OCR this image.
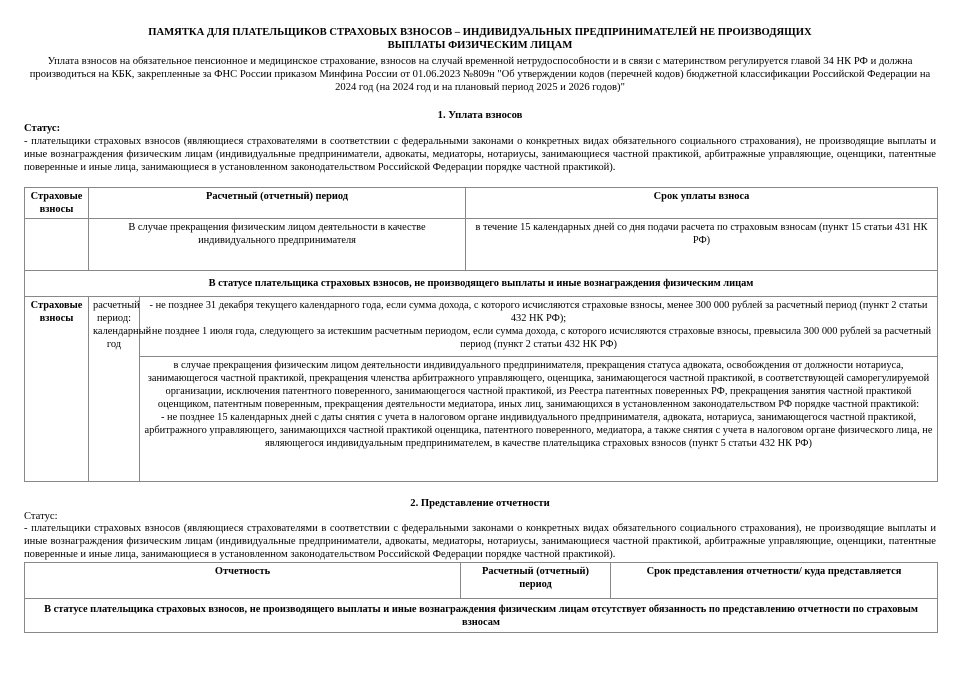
ПАМЯТКА ДЛЯ ПЛАТЕЛЬЩИКОВ СТРАХОВЫХ ВЗНОСОВ – ИНДИВИДУАЛЬНЫХ ПРЕДПРИНИМАТЕЛЕЙ НЕ ПРОИЗВОДЯЩИХ
ВЫПЛАТЫ ФИЗИЧЕСКИМ ЛИЦАМ
Уплата взносов на обязательное пенсионное и медицинское страхование, взносов на случай временной нетрудоспособности и в связи с материнством регулируется главой 34 НК РФ и должна производиться на КБК, закрепленные за ФНС России приказом Минфина России от 01.06.2023 №809н "Об утверждении кодов (перечней кодов) бюджетной классификации Российской Федерации на 2024 год (на 2024 год и на плановый период 2025 и 2026 годов)"
1. Уплата взносов
Статус:
- плательщики страховых взносов (являющиеся страхователями в соответствии с федеральными законами о конкретных видах обязательного социального страхования), не производящие выплаты и иные вознаграждения физическим лицам (индивидуальные предприниматели, адвокаты, медиаторы, нотариусы, занимающиеся частной практикой, арбитражные управляющие, оценщики, патентные поверенные и иные лица, занимающиеся в установленном законодательством Российской Федерации порядке частной практикой).
Страховые взносы	Расчетный (отчетный) период		Срок уплаты взноса
	В случае прекращения физическим лицом деятельности в качестве индивидуального предпринимателя		в течение 15 календарных дней со дня подачи расчета по страховым взносам (пункт 15 статьи 431 НК РФ)
В статусе плательщика страховых взносов, не производящего выплаты и иные вознаграждения физическим лицам			
Страховые взносы	расчетный период: календарный год	- не позднее 31 декабря текущего календарного года, если сумма дохода, с которого исчисляются страховые взносы, менее 300 000 рублей за расчетный период (пункт 2 статьи 432 НК РФ);
- не позднее 1 июля года, следующего за истекшим расчетным периодом, если сумма дохода, с которого исчисляются страховые взносы, превысила 300 000 рублей за расчетный период (пункт 2 статьи 432 НК РФ)	

		в случае прекращения физическим лицом деятельности индивидуального предпринимателя, прекращения статуса адвоката, освобождения от должности нотариуса, занимающегося частной практикой, прекращения членства арбитражного управляющего, оценщика, занимающегося частной практикой, в соответствующей саморегулируемой организации, исключения патентного поверенного, занимающегося частной практикой, из Реестра патентных поверенных РФ, прекращения занятия частной практикой оценщиком, патентным поверенным, прекращения деятельности медиатора, иных лиц, занимающихся в установленном законодательством РФ порядке частной практикой:
- не позднее 15 календарных дней с даты снятия с учета в налоговом органе индивидуального предпринимателя, адвоката, нотариуса, занимающегося частной практикой, арбитражного управляющего, занимающихся частной практикой оценщика, патентного поверенного, медиатора, а также снятия с учета в налоговом органе физического лица, не являющегося индивидуальным предпринимателем, в качестве плательщика страховых взносов (пункт 5 статьи 432 НК РФ)	
2. Представление отчетности
Статус:
- плательщики страховых взносов (являющиеся страхователями в соответствии с федеральными законами о конкретных видах обязательного социального страхования), не производящие выплаты и иные вознаграждения физическим лицам (индивидуальные предприниматели, адвокаты, медиаторы, нотариусы, занимающиеся частной практикой, арбитражные управляющие, оценщики, патентные поверенные и иные лица, занимающиеся в установленном законодательством Российской Федерации порядке частной практикой).
Отчетность	Расчетный (отчетный) период	Срок представления отчетности/ куда представляется
В статусе плательщика страховых взносов, не производящего выплаты и иные вознаграждения физическим лицам отсутствует обязанность по представлению отчетности по страховым взносам
